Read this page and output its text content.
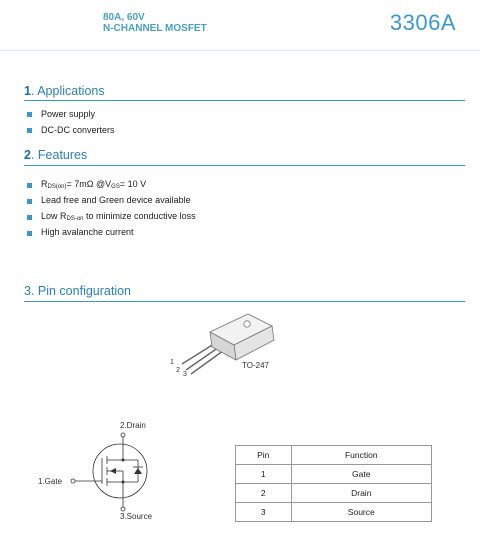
80A, 60V
N-CHANNEL MOSFET	3306A
1. Applications
Power supply
DC-DC converters
2. Features
$R_{DS(on)}= 7m\Omega$ $@V_{GS}= 10$ V
Lead free and Green device available
Low $R_{DS-on}$ to minimize conductive loss
High avalanche current
3. Pin configuration
1
2
3
TO-247
2.Drain
1.Gate
3.Source
Pin	Function
1	Gate
2	Drain
3	Source
